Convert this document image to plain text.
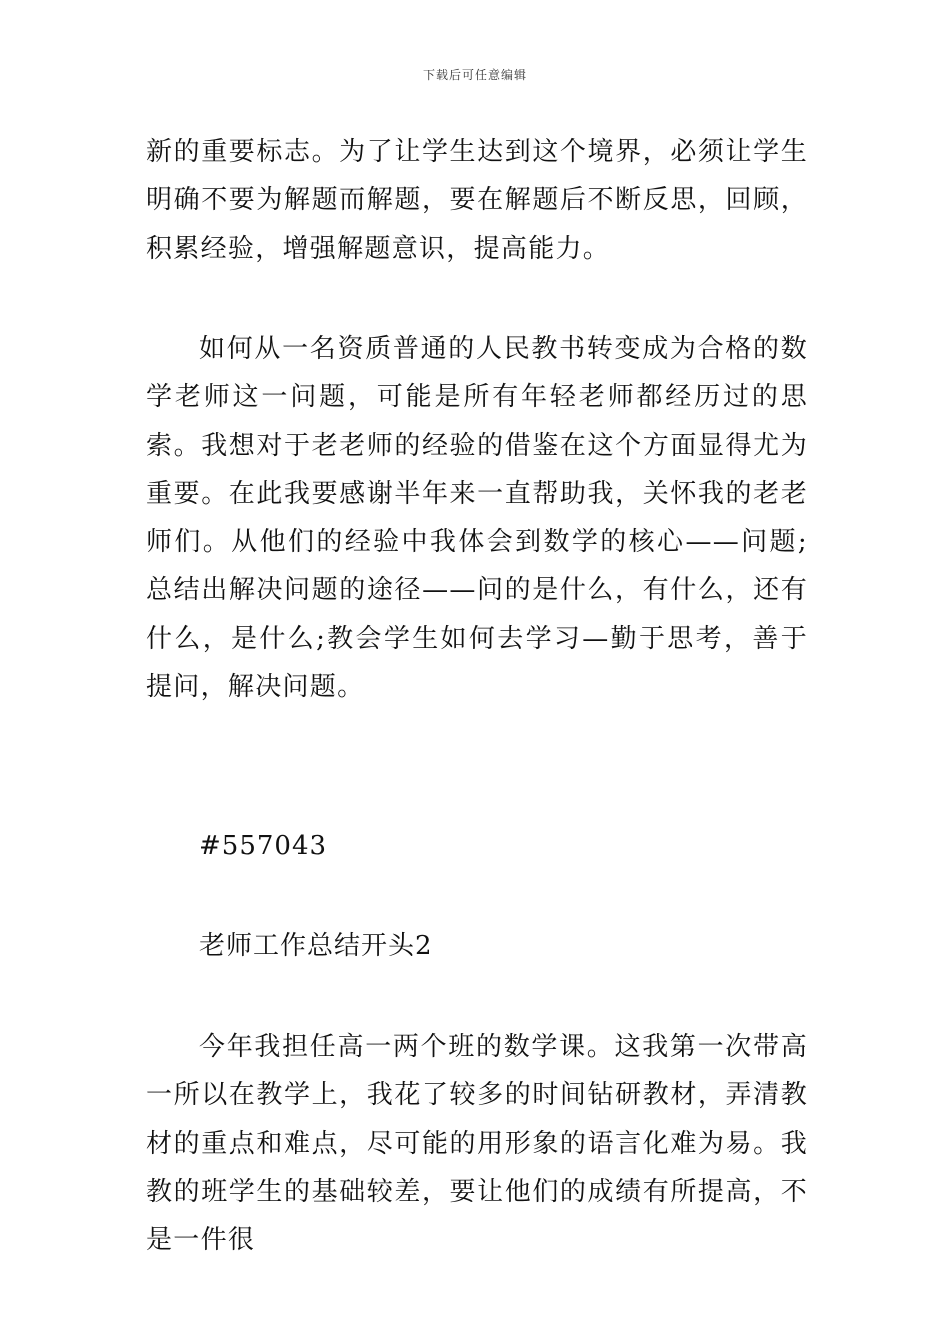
下载后可任意编辑

新的重要标志。为了让学生达到这个境界，必须让学生明确不要为解题而解题，要在解题后不断反思，回顾，积累经验，增强解题意识，提高能力。

如何从一名资质普通的人民教书转变成为合格的数学老师这一问题，可能是所有年轻老师都经历过的思索。我想对于老老师的经验的借鉴在这个方面显得尤为重要。在此我要感谢半年来一直帮助我，关怀我的老老师们。从他们的经验中我体会到数学的核心——问题;总结出解决问题的途径——问的是什么，有什么，还有什么，是什么;教会学生如何去学习—勤于思考，善于提问，解决问题。

#557043

老师工作总结开头2

今年我担任高一两个班的数学课。这我第一次带高一所以在教学上，我花了较多的时间钻研教材，弄清教材的重点和难点，尽可能的用形象的语言化难为易。我教的班学生的基础较差，要让他们的成绩有所提高，不是一件很
